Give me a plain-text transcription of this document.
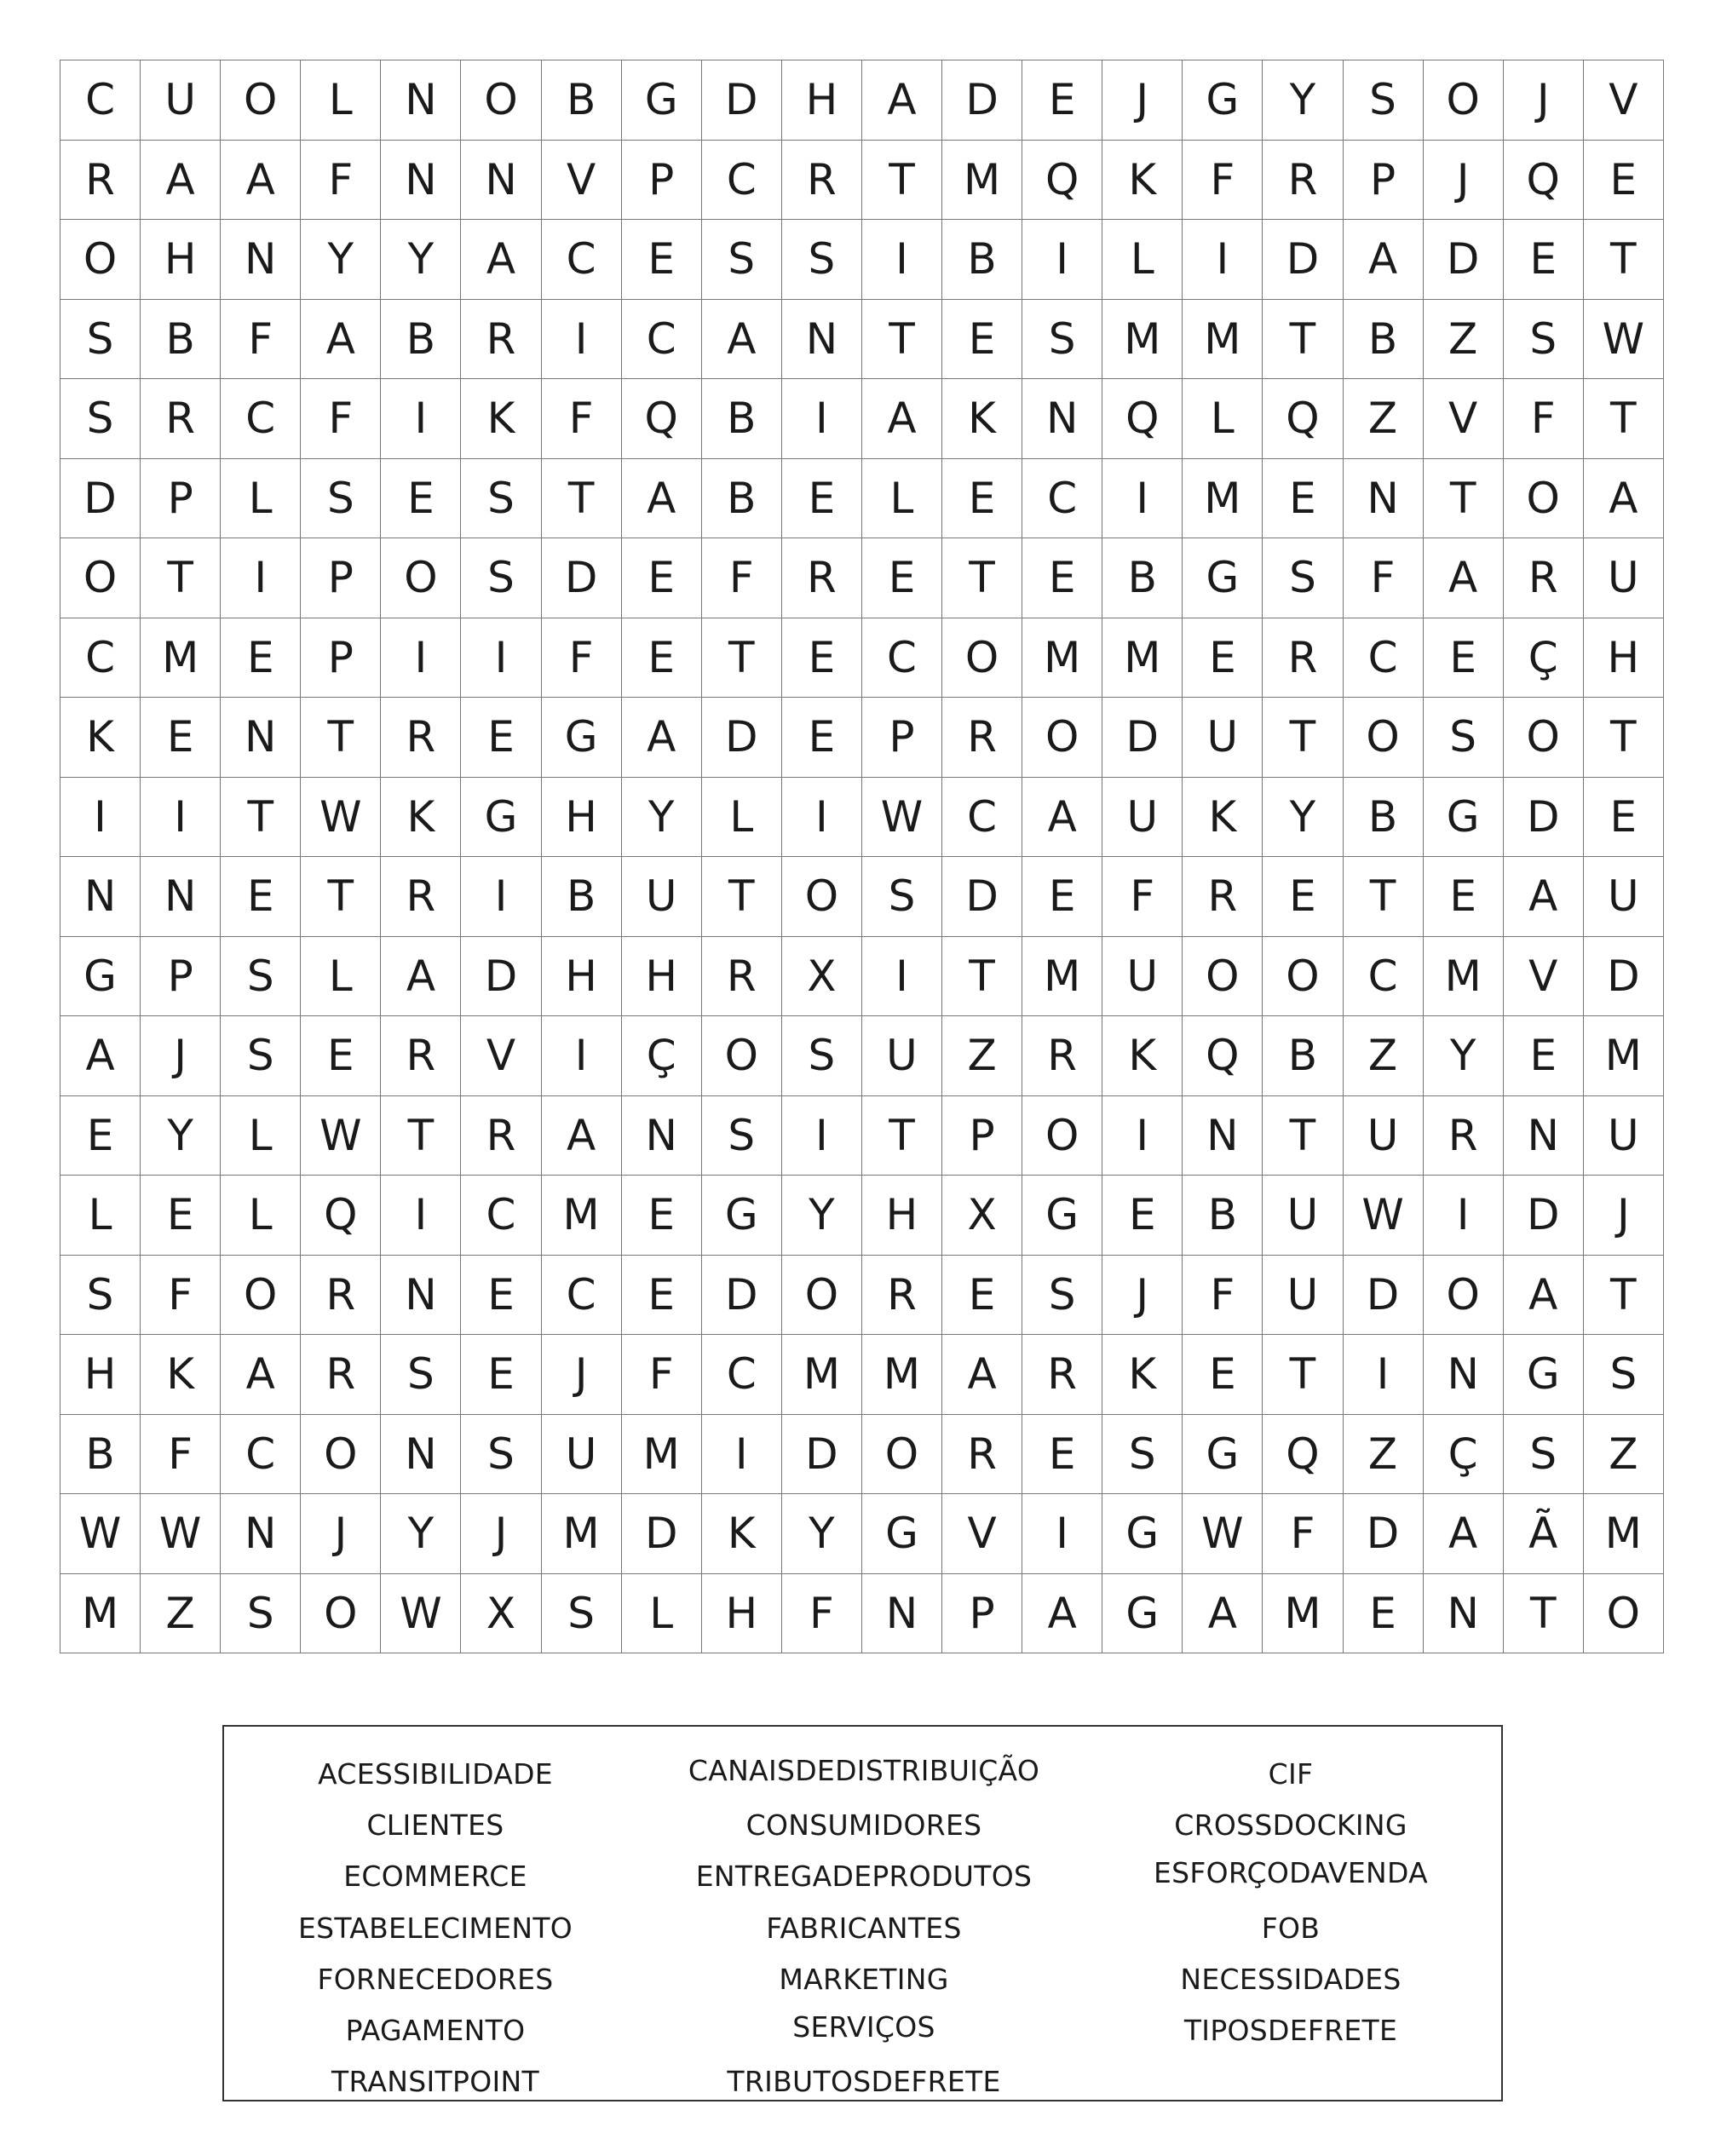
C	U	O	L	N	O	B	G	D	H	A	D	E	J	G	Y	S	O	J	V
R	A	A	F	N	N	V	P	C	R	T	M	Q	K	F	R	P	J	Q	E
O	H	N	Y	Y	A	C	E	S	S	I	B	I	L	I	D	A	D	E	T
S	B	F	A	B	R	I	C	A	N	T	E	S	M	M	T	B	Z	S	W
S	R	C	F	I	K	F	Q	B	I	A	K	N	Q	L	Q	Z	V	F	T
D	P	L	S	E	S	T	A	B	E	L	E	C	I	M	E	N	T	O	A
O	T	I	P	O	S	D	E	F	R	E	T	E	B	G	S	F	A	R	U
C	M	E	P	I	I	F	E	T	E	C	O	M	M	E	R	C	E	Ç	H
K	E	N	T	R	E	G	A	D	E	P	R	O	D	U	T	O	S	O	T
I	I	T	W	K	G	H	Y	L	I	W	C	A	U	K	Y	B	G	D	E
N	N	E	T	R	I	B	U	T	O	S	D	E	F	R	E	T	E	A	U
G	P	S	L	A	D	H	H	R	X	I	T	M	U	O	O	C	M	V	D
A	J	S	E	R	V	I	Ç	O	S	U	Z	R	K	Q	B	Z	Y	E	M
E	Y	L	W	T	R	A	N	S	I	T	P	O	I	N	T	U	R	N	U
L	E	L	Q	I	C	M	E	G	Y	H	X	G	E	B	U	W	I	D	J
S	F	O	R	N	E	C	E	D	O	R	E	S	J	F	U	D	O	A	T
H	K	A	R	S	E	J	F	C	M	M	A	R	K	E	T	I	N	G	S
B	F	C	O	N	S	U	M	I	D	O	R	E	S	G	Q	Z	Ç	S	Z
W	W	N	J	Y	J	M	D	K	Y	G	V	I	G	W	F	D	A	Ã	M
M	Z	S	O	W	X	S	L	H	F	N	P	A	G	A	M	E	N	T	O
ACESSIBILIDADE	CANAISDEDISTRIBUIÇÃO	CIF
CLIENTES	CONSUMIDORES	CROSSDOCKING
ECOMMERCE	ENTREGADEPRODUTOS	ESFORÇODAVENDA
ESTABELECIMENTO	FABRICANTES	FOB
FORNECEDORES	MARKETING	NECESSIDADES
PAGAMENTO	SERVIÇOS	TIPOSDEFRETE
TRANSITPOINT	TRIBUTOSDEFRETE
